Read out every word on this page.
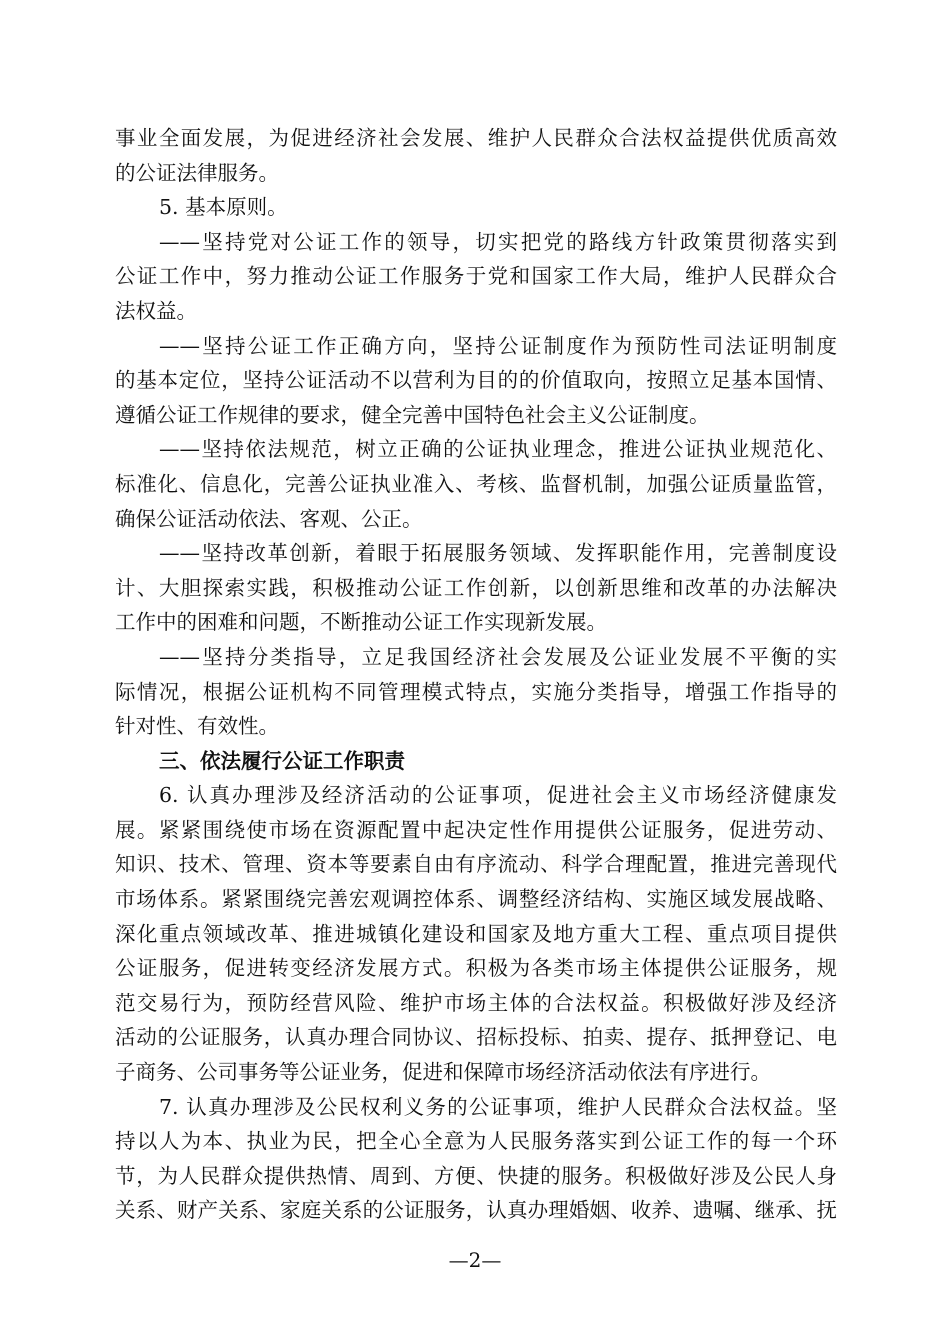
事业全面发展，为促进经济社会发展、维护人民群众合法权益提供优质高效
的公证法律服务。
5. 基本原则。
——坚持党对公证工作的领导，切实把党的路线方针政策贯彻落实到
公证工作中，努力推动公证工作服务于党和国家工作大局，维护人民群众合
法权益。
——坚持公证工作正确方向，坚持公证制度作为预防性司法证明制度
的基本定位，坚持公证活动不以营利为目的的价值取向，按照立足基本国情、
遵循公证工作规律的要求，健全完善中国特色社会主义公证制度。
——坚持依法规范，树立正确的公证执业理念，推进公证执业规范化、
标准化、信息化，完善公证执业准入、考核、监督机制，加强公证质量监管，
确保公证活动依法、客观、公正。
——坚持改革创新，着眼于拓展服务领域、发挥职能作用，完善制度设
计、大胆探索实践，积极推动公证工作创新，以创新思维和改革的办法解决
工作中的困难和问题，不断推动公证工作实现新发展。
——坚持分类指导，立足我国经济社会发展及公证业发展不平衡的实
际情况，根据公证机构不同管理模式特点，实施分类指导，增强工作指导的
针对性、有效性。
三、依法履行公证工作职责
6. 认真办理涉及经济活动的公证事项，促进社会主义市场经济健康发
展。紧紧围绕使市场在资源配置中起决定性作用提供公证服务，促进劳动、
知识、技术、管理、资本等要素自由有序流动、科学合理配置，推进完善现代
市场体系。紧紧围绕完善宏观调控体系、调整经济结构、实施区域发展战略、
深化重点领域改革、推进城镇化建设和国家及地方重大工程、重点项目提供
公证服务，促进转变经济发展方式。积极为各类市场主体提供公证服务，规
范交易行为，预防经营风险、维护市场主体的合法权益。积极做好涉及经济
活动的公证服务，认真办理合同协议、招标投标、拍卖、提存、抵押登记、电
子商务、公司事务等公证业务，促进和保障市场经济活动依法有序进行。
7. 认真办理涉及公民权利义务的公证事项，维护人民群众合法权益。坚
持以人为本、执业为民，把全心全意为人民服务落实到公证工作的每一个环
节，为人民群众提供热情、周到、方便、快捷的服务。积极做好涉及公民人身
关系、财产关系、家庭关系的公证服务，认真办理婚姻、收养、遗嘱、继承、抚
—2—
